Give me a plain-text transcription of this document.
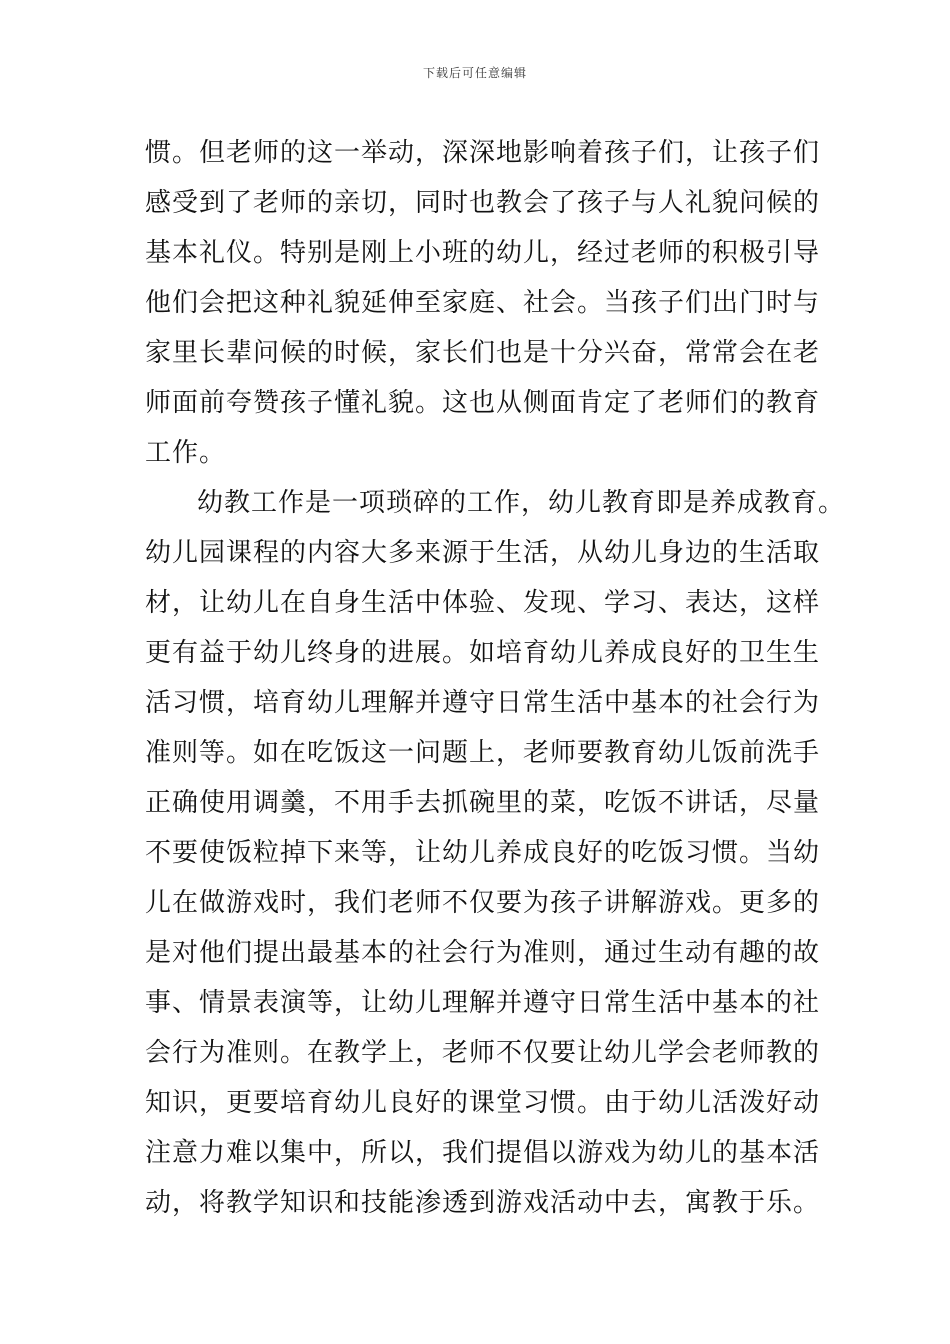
下载后可任意编辑
惯。但老师的这一举动，深深地影响着孩子们，让孩子们
感受到了老师的亲切，同时也教会了孩子与人礼貌问候的
基本礼仪。特别是刚上小班的幼儿，经过老师的积极引导
他们会把这种礼貌延伸至家庭、社会。当孩子们出门时与
家里长辈问候的时候，家长们也是十分兴奋，常常会在老
师面前夸赞孩子懂礼貌。这也从侧面肯定了老师们的教育
工作。
幼教工作是一项琐碎的工作，幼儿教育即是养成教育。
幼儿园课程的内容大多来源于生活，从幼儿身边的生活取
材，让幼儿在自身生活中体验、发现、学习、表达，这样
更有益于幼儿终身的进展。如培育幼儿养成良好的卫生生
活习惯，培育幼儿理解并遵守日常生活中基本的社会行为
准则等。如在吃饭这一问题上，老师要教育幼儿饭前洗手
正确使用调羹，不用手去抓碗里的菜，吃饭不讲话，尽量
不要使饭粒掉下来等，让幼儿养成良好的吃饭习惯。当幼
儿在做游戏时，我们老师不仅要为孩子讲解游戏。更多的
是对他们提出最基本的社会行为准则，通过生动有趣的故
事、情景表演等，让幼儿理解并遵守日常生活中基本的社
会行为准则。在教学上，老师不仅要让幼儿学会老师教的
知识，更要培育幼儿良好的课堂习惯。由于幼儿活泼好动
注意力难以集中，所以，我们提倡以游戏为幼儿的基本活
动，将教学知识和技能渗透到游戏活动中去，寓教于乐。
